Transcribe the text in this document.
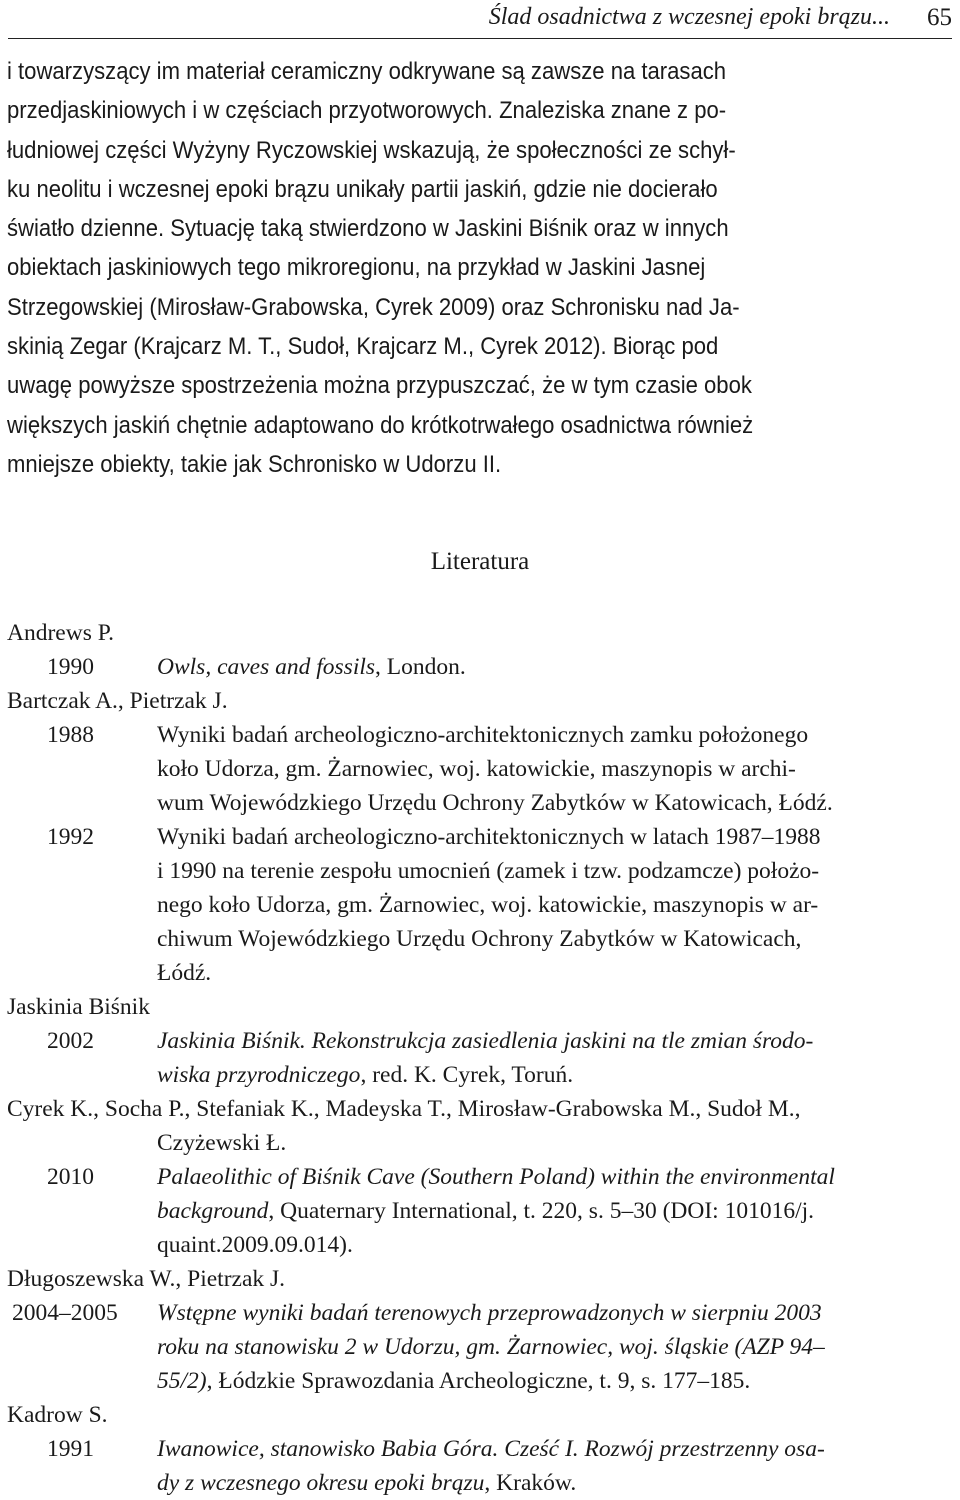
Ślad osadnictwa z wczesnej epoki brązu... 65
i towarzyszący im materiał ceramiczny odkrywane są zawsze na tarasach
przedjaskiniowych i w częściach przyotworowych. Znaleziska znane z po-
łudniowej części Wyżyny Ryczowskiej wskazują, że społeczności ze schył-
ku neolitu i wczesnej epoki brązu unikały partii jaskiń, gdzie nie docierało
światło dzienne. Sytuację taką stwierdzono w Jaskini Biśnik oraz w innych
obiektach jaskiniowych tego mikroregionu, na przykład w Jaskini Jasnej
Strzegowskiej (Mirosław-Grabowska, Cyrek 2009) oraz Schronisku nad Ja-
skinią Zegar (Krajcarz M. T., Sudoł, Krajcarz M., Cyrek 2012). Biorąc pod
uwagę powyższe spostrzeżenia można przypuszczać, że w tym czasie obok
większych jaskiń chętnie adaptowano do krótkotrwałego osadnictwa również
mniejsze obiekty, takie jak Schronisko w Udorzu II.
Literatura
Andrews P.
1990	Owls, caves and fossils, London.
Bartczak A., Pietrzak J.
1988	Wyniki badań archeologiczno-architektonicznych zamku położonego
koło Udorza, gm. Żarnowiec, woj. katowickie, maszynopis w archi-
wum Wojewódzkiego Urzędu Ochrony Zabytków w Katowicach, Łódź.
1992	Wyniki badań archeologiczno-architektonicznych w latach 1987–1988
i 1990 na terenie zespołu umocnień (zamek i tzw. podzamcze) położo-
nego koło Udorza, gm. Żarnowiec, woj. katowickie, maszynopis w ar-
chiwum Wojewódzkiego Urzędu Ochrony Zabytków w Katowicach,
Łódź.
Jaskinia Biśnik
2002	Jaskinia Biśnik. Rekonstrukcja zasiedlenia jaskini na tle zmian środo-
wiska przyrodniczego, red. K. Cyrek, Toruń.
Cyrek K., Socha P., Stefaniak K., Madeyska T., Mirosław-Grabowska M., Sudoł M.,
Czyżewski Ł.
2010	Palaeolithic of Biśnik Cave (Southern Poland) within the environmental
background, Quaternary International, t. 220, s. 5–30 (DOI: 101016/j.
quaint.2009.09.014).
Długoszewska W., Pietrzak J.
2004–2005	Wstępne wyniki badań terenowych przeprowadzonych w sierpniu 2003
roku na stanowisku 2 w Udorzu, gm. Żarnowiec, woj. śląskie (AZP 94–
55/2), Łódzkie Sprawozdania Archeologiczne, t. 9, s. 177–185.
Kadrow S.
1991	Iwanowice, stanowisko Babia Góra. Cześć I. Rozwój przestrzenny osa-
dy z wczesnego okresu epoki brązu, Kraków.
